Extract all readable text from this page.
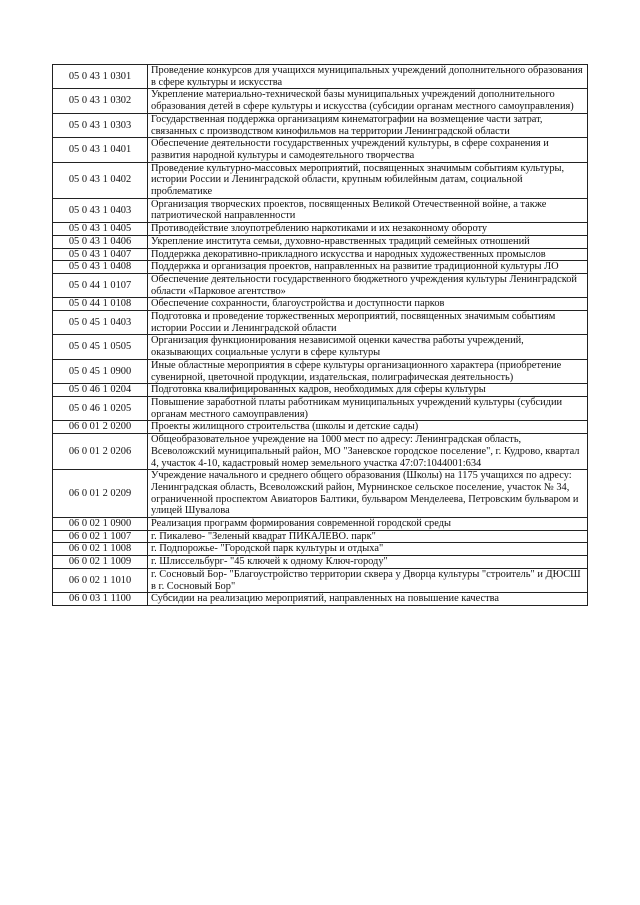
05 0 43 1 0301	Проведение конкурсов для учащихся муниципальных учреждений дополнительного образования в сфере культуры и искусства
05 0 43 1 0302	Укрепление материально-технической базы муниципальных учреждений дополнительного образования детей в сфере культуры и искусства (субсидии органам местного самоуправления)
05 0 43 1 0303	Государственная поддержка организациям кинематографии на возмещение части затрат, связанных с производством кинофильмов на территории Ленинградской области
05 0 43 1 0401	Обеспечение деятельности государственных учреждений культуры, в сфере сохранения и развития народной культуры и самодеятельного творчества
05 0 43 1 0402	Проведение культурно-массовых мероприятий, посвященных значимым событиям культуры, истории России и Ленинградской области, крупным юбилейным датам, социальной проблематике
05 0 43 1 0403	Организация творческих проектов, посвященных Великой Отечественной войне, а также патриотической направленности
05 0 43 1 0405	Противодействие злоупотреблению наркотиками и их незаконному обороту
05 0 43 1 0406	Укрепление института семьи, духовно-нравственных традиций семейных отношений
05 0 43 1 0407	Поддержка декоративно-прикладного искусства и народных художественных промыслов
05 0 43 1 0408	Поддержка и организация проектов, направленных на развитие традиционной культуры ЛО
05 0 44 1 0107	Обеспечение деятельности государственного бюджетного учреждения культуры Ленинградской области «Парковое агентство»
05 0 44 1 0108	Обеспечение сохранности, благоустройства и доступности парков
05 0 45 1 0403	Подготовка и проведение торжественных мероприятий, посвященных значимым событиям истории России и Ленинградской области
05 0 45 1 0505	Организация функционирования независимой оценки качества работы учреждений, оказывающих социальные услуги в сфере культуры
05 0 45 1 0900	Иные областные мероприятия в сфере культуры организационного характера (приобретение сувенирной, цветочной продукции, издательская, полиграфическая деятельность)
05 0 46 1 0204	Подготовка квалифицированных кадров, необходимых для сферы культуры
05 0 46 1 0205	Повышение заработной платы работникам муниципальных учреждений культуры (субсидии органам местного самоуправления)
06 0 01 2 0200	Проекты жилищного строительства (школы и детские сады)
06 0 01 2 0206	Общеобразовательное учреждение на 1000 мест по адресу: Ленинградская область, Всеволожский муниципальный район, МО "Заневское городское поселение", г. Кудрово, квартал 4, участок 4-10, кадастровый номер земельного участка 47:07:1044001:634
06 0 01 2 0209	Учреждение начального и среднего общего образования (Школы) на 1175 учащихся по адресу: Ленинградская область, Всеволожский район, Мурнинское сельское поселение, участок № 34, ограниченной проспектом Авиаторов Балтики, бульваром Менделеева, Петровским бульваром и улицей Шувалова
06 0 02 1 0900	Реализация программ формирования современной городской среды
06 0 02 1 1007	г. Пикалево- "Зеленый квадрат ПИКАЛЕВО. парк"
06 0 02 1 1008	г. Подпорожье- "Городской парк культуры и отдыха"
06 0 02 1 1009	г. Шлиссельбург- "45 ключей к одному Ключ-городу"
06 0 02 1 1010	г. Сосновый Бор- "Благоустройство территории сквера у Дворца культуры "строитель" и ДЮСШ в г. Сосновый Бор"
06 0 03 1 1100	Субсидии на реализацию мероприятий, направленных на повышение качества
